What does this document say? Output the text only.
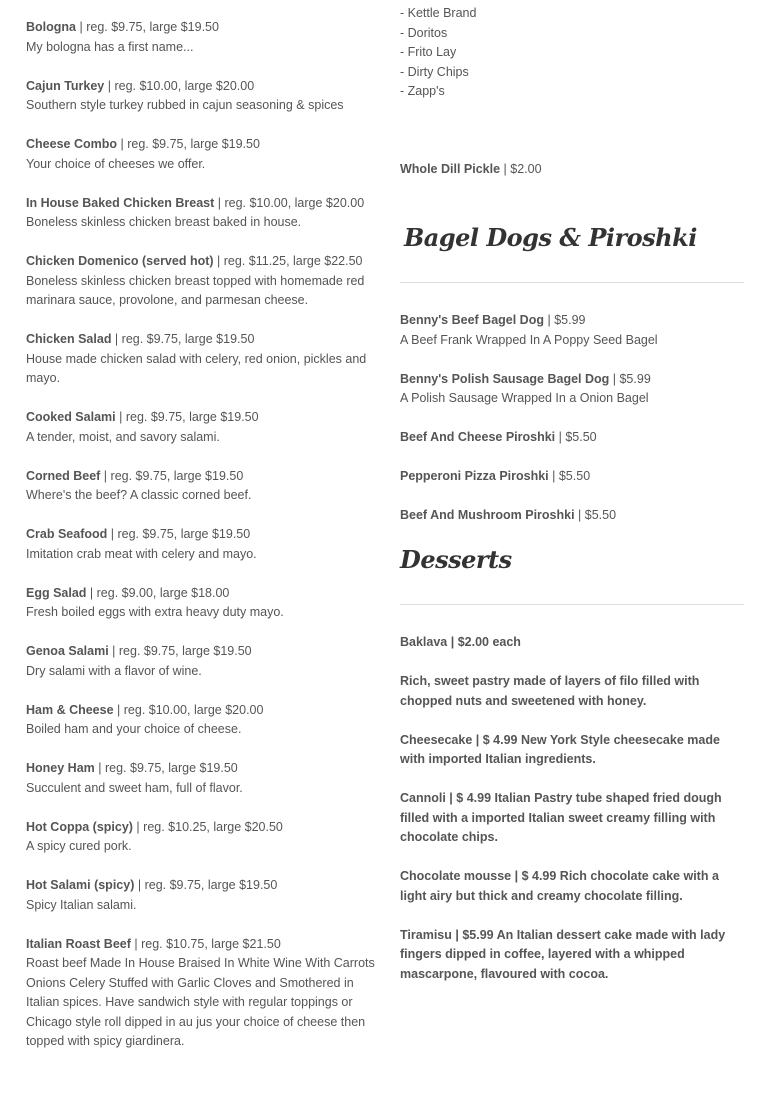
Bologna | reg. $9.75, large $19.50
My bologna has a first name...
Cajun Turkey | reg. $10.00, large $20.00
Southern style turkey rubbed in cajun seasoning & spices
Cheese Combo | reg. $9.75, large $19.50
Your choice of cheeses we offer.
In House Baked Chicken Breast | reg. $10.00, large $20.00
Boneless skinless chicken breast baked in house.
Chicken Domenico (served hot) | reg. $11.25, large $22.50
Boneless skinless chicken breast topped with homemade red marinara sauce, provolone, and parmesan cheese.
Chicken Salad | reg. $9.75, large $19.50
House made chicken salad with celery, red onion, pickles and mayo.
Cooked Salami | reg. $9.75, large $19.50
A tender, moist, and savory salami.
Corned Beef | reg. $9.75, large $19.50
Where's the beef? A classic corned beef.
Crab Seafood | reg. $9.75, large $19.50
Imitation crab meat with celery and mayo.
Egg Salad | reg. $9.00, large $18.00
Fresh boiled eggs with extra heavy duty mayo.
Genoa Salami | reg. $9.75, large $19.50
Dry salami with a flavor of wine.
Ham & Cheese | reg. $10.00, large $20.00
Boiled ham and your choice of cheese.
Honey Ham | reg. $9.75, large $19.50
Succulent and sweet ham, full of flavor.
Hot Coppa (spicy) | reg. $10.25, large $20.50
A spicy cured pork.
Hot Salami (spicy) | reg. $9.75, large $19.50
Spicy Italian salami.
Italian Roast Beef | reg. $10.75, large $21.50
Roast beef Made In House Braised In White Wine With Carrots Onions Celery Stuffed with Garlic Cloves and Smothered in Italian spices. Have sandwich style with regular toppings or Chicago style roll dipped in au jus your choice of cheese then topped with spicy giardinera.
- Kettle Brand
- Doritos
- Frito Lay
- Dirty Chips
- Zapp's
Whole Dill Pickle | $2.00
Bagel Dogs & Piroshki
Benny's Beef Bagel Dog | $5.99
A Beef Frank Wrapped In A Poppy Seed Bagel
Benny's Polish Sausage Bagel Dog | $5.99
A Polish Sausage Wrapped In a Onion Bagel
Beef And Cheese Piroshki | $5.50
Pepperoni Pizza Piroshki | $5.50
Beef And Mushroom Piroshki | $5.50
Desserts
Baklava | $2.00 each
Rich, sweet pastry made of layers of filo filled with chopped nuts and sweetened with honey.
Cheesecake | $ 4.99 New York Style cheesecake made with imported Italian ingredients.
Cannoli | $ 4.99 Italian Pastry tube shaped fried dough filled with a imported Italian sweet creamy filling with chocolate chips.
Chocolate mousse | $ 4.99 Rich chocolate cake with a light airy but thick and creamy chocolate filling.
Tiramisu | $5.99 An Italian dessert cake made with lady fingers dipped in coffee, layered with a whipped mascarpone, flavoured with cocoa.
